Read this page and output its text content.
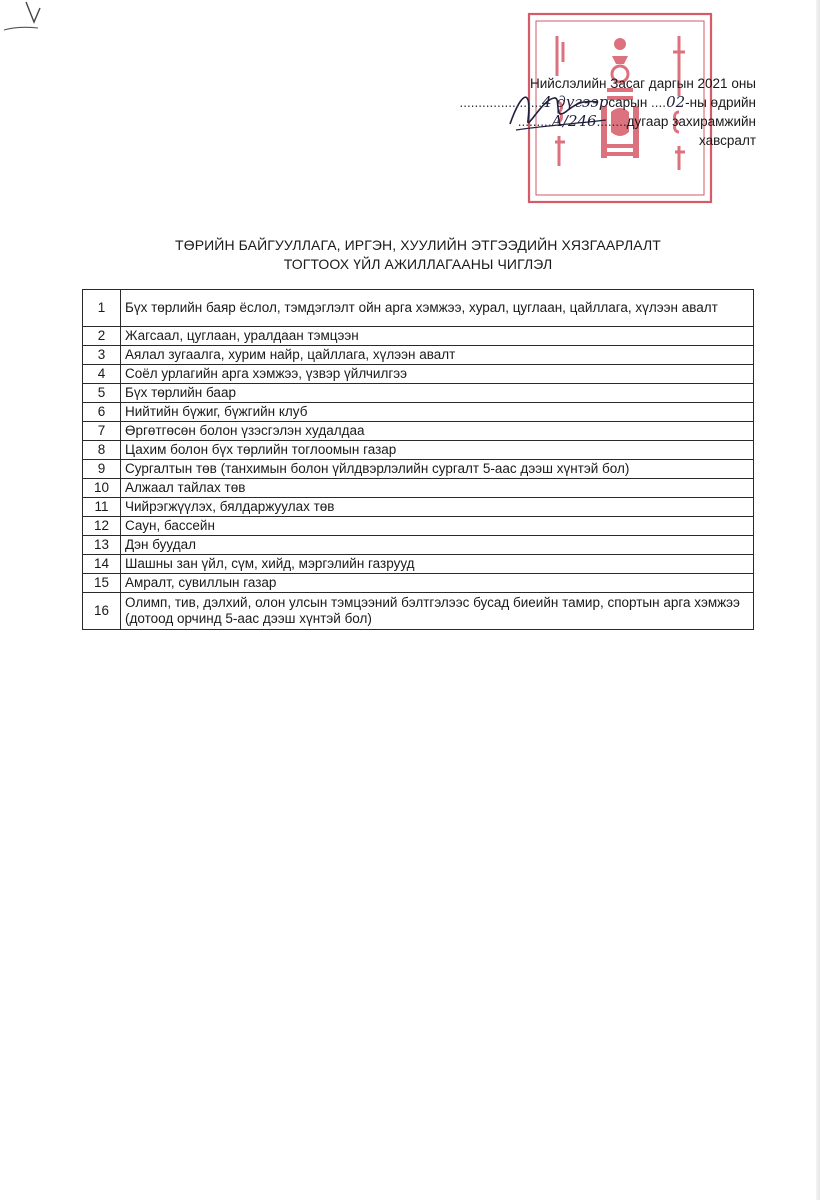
Нийслэлийн Засаг даргын 2021 оны
......................4 дүгээрсарын ....02-ны өдрийн
.........А/246........дугаар захирамжийн
хавсралт
ТӨРИЙН БАЙГУУЛЛАГА, ИРГЭН, ХУУЛИЙН ЭТГЭЭДИЙН ХЯЗГААРЛАЛТ
ТОГТООХ ҮЙЛ АЖИЛЛАГААНЫ ЧИГЛЭЛ
1	Бүх төрлийн баяр ёслол, тэмдэглэлт ойн арга хэмжээ, хурал, цуглаан, цайллага, хүлээн авалт
2	Жагсаал, цуглаан, уралдаан тэмцээн
3	Аялал зугаалга, хурим найр, цайллага, хүлээн авалт
4	Соёл урлагийн арга хэмжээ, үзвэр үйлчилгээ
5	Бүх төрлийн баар
6	Нийтийн бүжиг, бүжгийн клуб
7	Өргөтгөсөн болон үзэсгэлэн худалдаа
8	Цахим болон бүх төрлийн тоглоомын газар
9	Сургалтын төв (танхимын болон үйлдвэрлэлийн сургалт 5-аас дээш хүнтэй бол)
10	Алжаал тайлах төв
11	Чийрэгжүүлэх, бялдаржуулах төв
12	Саун, бассейн
13	Дэн буудал
14	Шашны зан үйл, сүм, хийд, мэргэлийн газрууд
15	Амралт, сувиллын газар
16	Олимп, тив, дэлхий, олон улсын тэмцээний бэлтгэлээс бусад биеийн тамир, спортын арга хэмжээ (дотоод орчинд 5-аас дээш хүнтэй бол)
